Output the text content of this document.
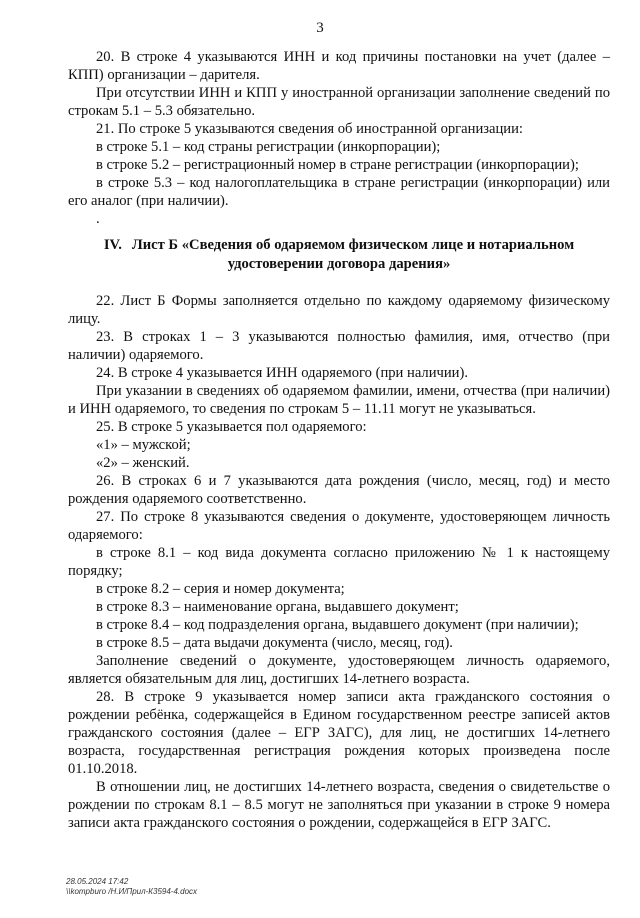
3

20. В строке 4 указываются ИНН и код причины постановки на учет (далее – КПП) организации – дарителя.

При отсутствии ИНН и КПП у иностранной организации заполнение сведений по строкам 5.1 – 5.3 обязательно.

21. По строке 5 указываются сведения об иностранной организации:

в строке 5.1 – код страны регистрации (инкорпорации);

в строке 5.2 – регистрационный номер в стране регистрации (инкорпорации);

в строке 5.3 – код налогоплательщика в стране регистрации (инкорпорации) или его аналог (при наличии).

.
IV. Лист Б «Сведения об одаряемом физическом лице и нотариальном
удостоверении договора дарения»

22. Лист Б Формы заполняется отдельно по каждому одаряемому физическому лицу.

23. В строках 1 – 3 указываются полностью фамилия, имя, отчество (при наличии) одаряемого.

24. В строке 4 указывается ИНН одаряемого (при наличии).

При указании в сведениях об одаряемом фамилии, имени, отчества (при наличии) и ИНН одаряемого, то сведения по строкам 5 – 11.11 могут не указываться.

25. В строке 5 указывается пол одаряемого:

«1» – мужской;

«2» – женский.

26. В строках 6 и 7 указываются дата рождения (число, месяц, год) и место рождения одаряемого соответственно.

27. По строке 8 указываются сведения о документе, удостоверяющем личность одаряемого:

в строке 8.1 – код вида документа согласно приложению № 1 к настоящему порядку;

в строке 8.2 – серия и номер документа;

в строке 8.3 – наименование органа, выдавшего документ;

в строке 8.4 – код подразделения органа, выдавшего документ (при наличии);

в строке 8.5 – дата выдачи документа (число, месяц, год).

Заполнение сведений о документе, удостоверяющем личность одаряемого, является обязательным для лиц, достигших 14-летнего возраста.

28. В строке 9 указывается номер записи акта гражданского состояния о рождении ребёнка, содержащейся в Едином государственном реестре записей актов гражданского состояния (далее – ЕГР ЗАГС), для лиц, не достигших 14-летнего возраста, государственная регистрация рождения которых произведена после 01.10.2018.

В отношении лиц, не достигших 14-летнего возраста, сведения о свидетельстве о рождении по строкам 8.1 – 8.5 могут не заполняться при указании в строке 9 номера записи акта гражданского состояния о рождении, содержащейся в ЕГР ЗАГС.

28.05.2024 17:42
\\kompburo /Н.И/Прил-К3594-4.docx
